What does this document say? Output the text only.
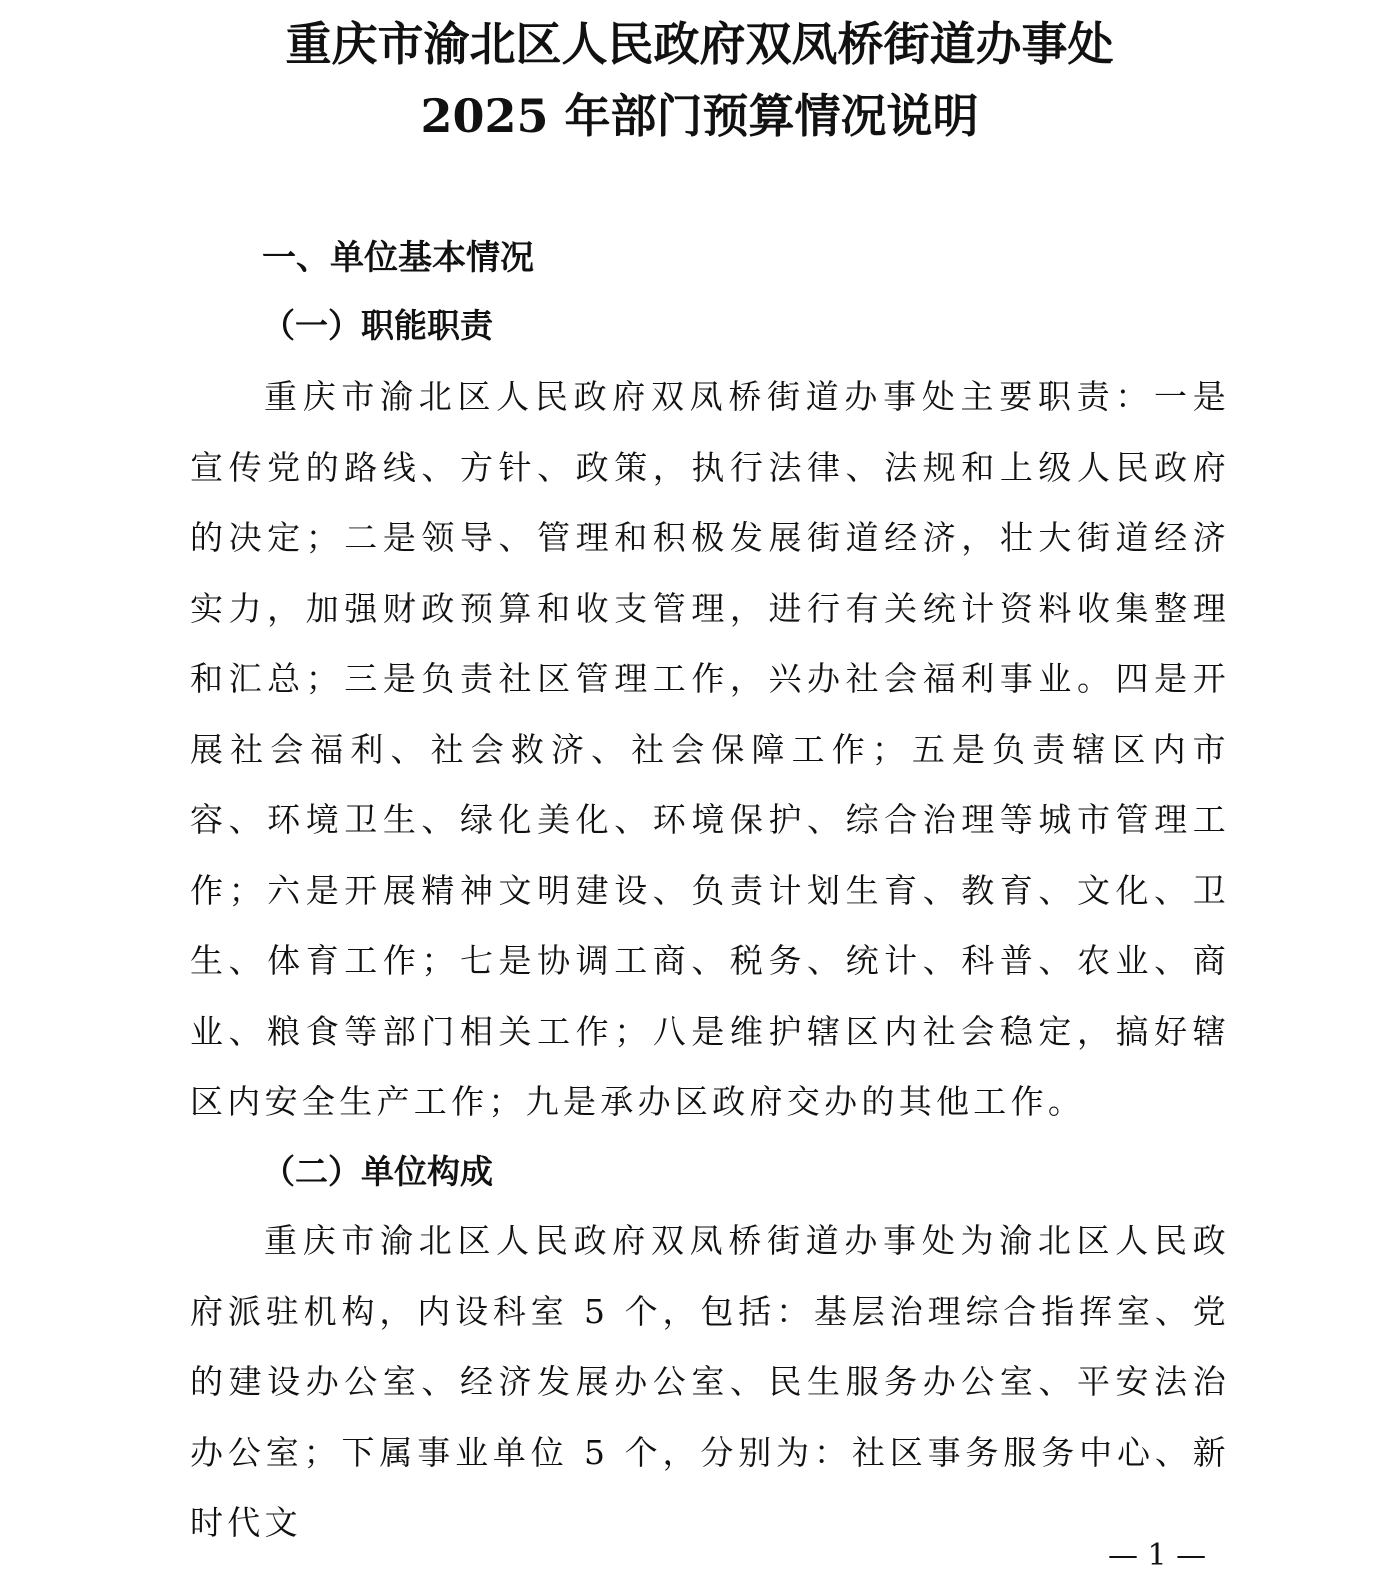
重庆市渝北区人民政府双凤桥街道办事处
2025 年部门预算情况说明
一、单位基本情况
（一）职能职责
重庆市渝北区人民政府双凤桥街道办事处主要职责：一是宣传党的路线、方针、政策，执行法律、法规和上级人民政府的决定；二是领导、管理和积极发展街道经济，壮大街道经济实力，加强财政预算和收支管理，进行有关统计资料收集整理和汇总；三是负责社区管理工作，兴办社会福利事业。四是开展社会福利、社会救济、社会保障工作；五是负责辖区内市容、环境卫生、绿化美化、环境保护、综合治理等城市管理工作；六是开展精神文明建设、负责计划生育、教育、文化、卫生、体育工作；七是协调工商、税务、统计、科普、农业、商业、粮食等部门相关工作；八是维护辖区内社会稳定，搞好辖区内安全生产工作；九是承办区政府交办的其他工作。
（二）单位构成
重庆市渝北区人民政府双凤桥街道办事处为渝北区人民政府派驻机构，内设科室 5 个，包括：基层治理综合指挥室、党的建设办公室、经济发展办公室、民生服务办公室、平安法治办公室；下属事业单位 5 个，分别为：社区事务服务中心、新时代文
— 1 —
